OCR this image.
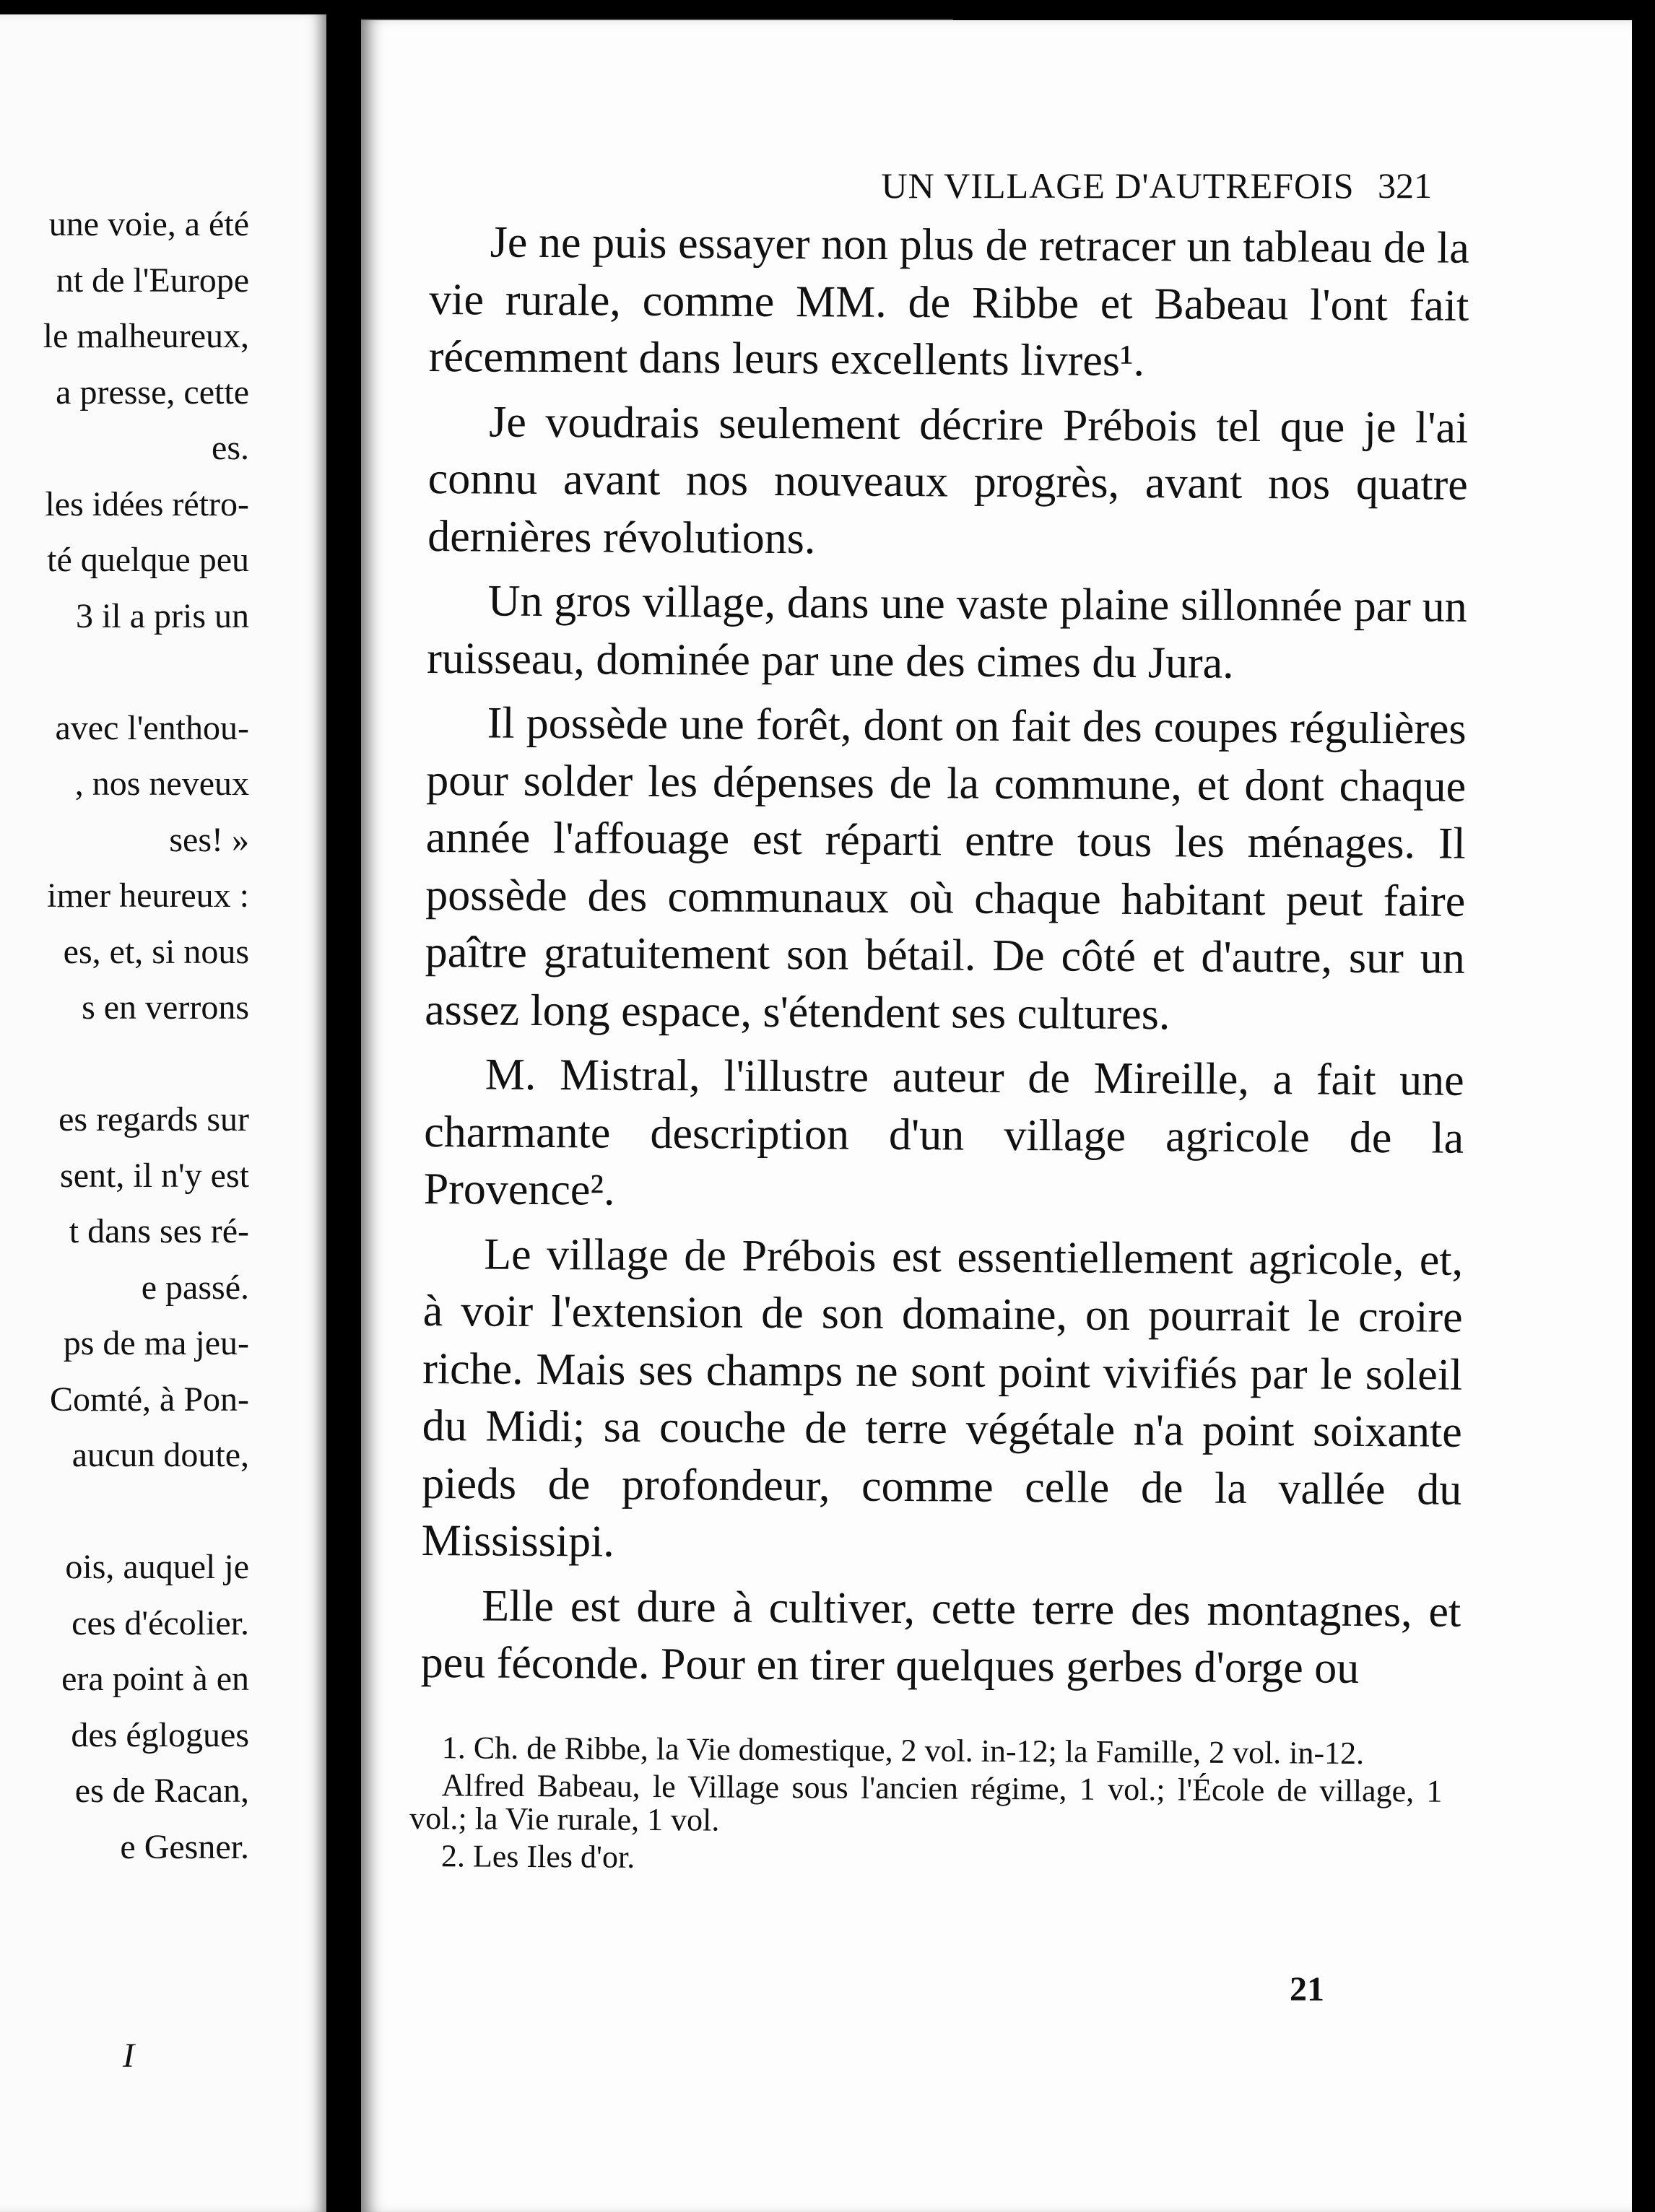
une voie, a été
nt de l'Europe
le malheureux,
a presse, cette
es.
les idées rétro-
té quelque peu
3 il a pris un
avec l'enthou-
, nos neveux
ses! »
imer heureux :
es, et, si nous
s en verrons
es regards sur
sent, il n'y est
t dans ses ré-
e passé.
ps de ma jeu-
Comté, à Pon-
aucun doute,
ois, auquel je
ces d'écolier.
era point à en
des églogues
es de Racan,
e Gesner.
I
UN VILLAGE D'AUTREFOIS 321

Je ne puis essayer non plus de retracer un tableau de la vie rurale, comme MM. de Ribbe et Babeau l'ont fait récemment dans leurs excellents livres¹.

Je voudrais seulement décrire Prébois tel que je l'ai connu avant nos nouveaux progrès, avant nos quatre dernières révolutions.

Un gros village, dans une vaste plaine sillonnée par un ruisseau, dominée par une des cimes du Jura.

Il possède une forêt, dont on fait des coupes régulières pour solder les dépenses de la commune, et dont chaque année l'affouage est réparti entre tous les ménages. Il possède des communaux où chaque habitant peut faire paître gratuitement son bétail. De côté et d'autre, sur un assez long espace, s'étendent ses cultures.

M. Mistral, l'illustre auteur de Mireille, a fait une charmante description d'un village agricole de la Provence².

Le village de Prébois est essentiellement agricole, et, à voir l'extension de son domaine, on pourrait le croire riche. Mais ses champs ne sont point vivifiés par le soleil du Midi; sa couche de terre végétale n'a point soixante pieds de profondeur, comme celle de la vallée du Mississipi.

Elle est dure à cultiver, cette terre des montagnes, et peu féconde. Pour en tirer quelques gerbes d'orge ou

1. Ch. de Ribbe, la Vie domestique, 2 vol. in-12; la Famille, 2 vol. in-12.

Alfred Babeau, le Village sous l'ancien régime, 1 vol.; l'École de village, 1 vol.; la Vie rurale, 1 vol.

2. Les Iles d'or.

21
